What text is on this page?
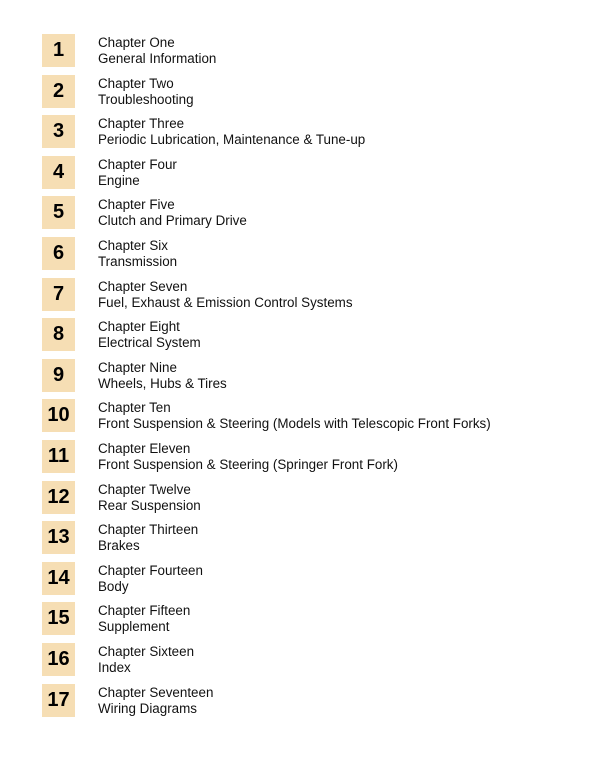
1	Chapter One
General Information
2	Chapter Two
Troubleshooting
3	Chapter Three
Periodic Lubrication, Maintenance & Tune-up
4	Chapter Four
Engine
5	Chapter Five
Clutch and Primary Drive
6	Chapter Six
Transmission
7	Chapter Seven
Fuel, Exhaust & Emission Control Systems
8	Chapter Eight
Electrical System
9	Chapter Nine
Wheels, Hubs & Tires
10	Chapter Ten
Front Suspension & Steering (Models with Telescopic Front Forks)
11	Chapter Eleven
Front Suspension & Steering (Springer Front Fork)
12	Chapter Twelve
Rear Suspension
13	Chapter Thirteen
Brakes
14	Chapter Fourteen
Body
15	Chapter Fifteen
Supplement
16	Chapter Sixteen
Index
17	Chapter Seventeen
Wiring Diagrams
